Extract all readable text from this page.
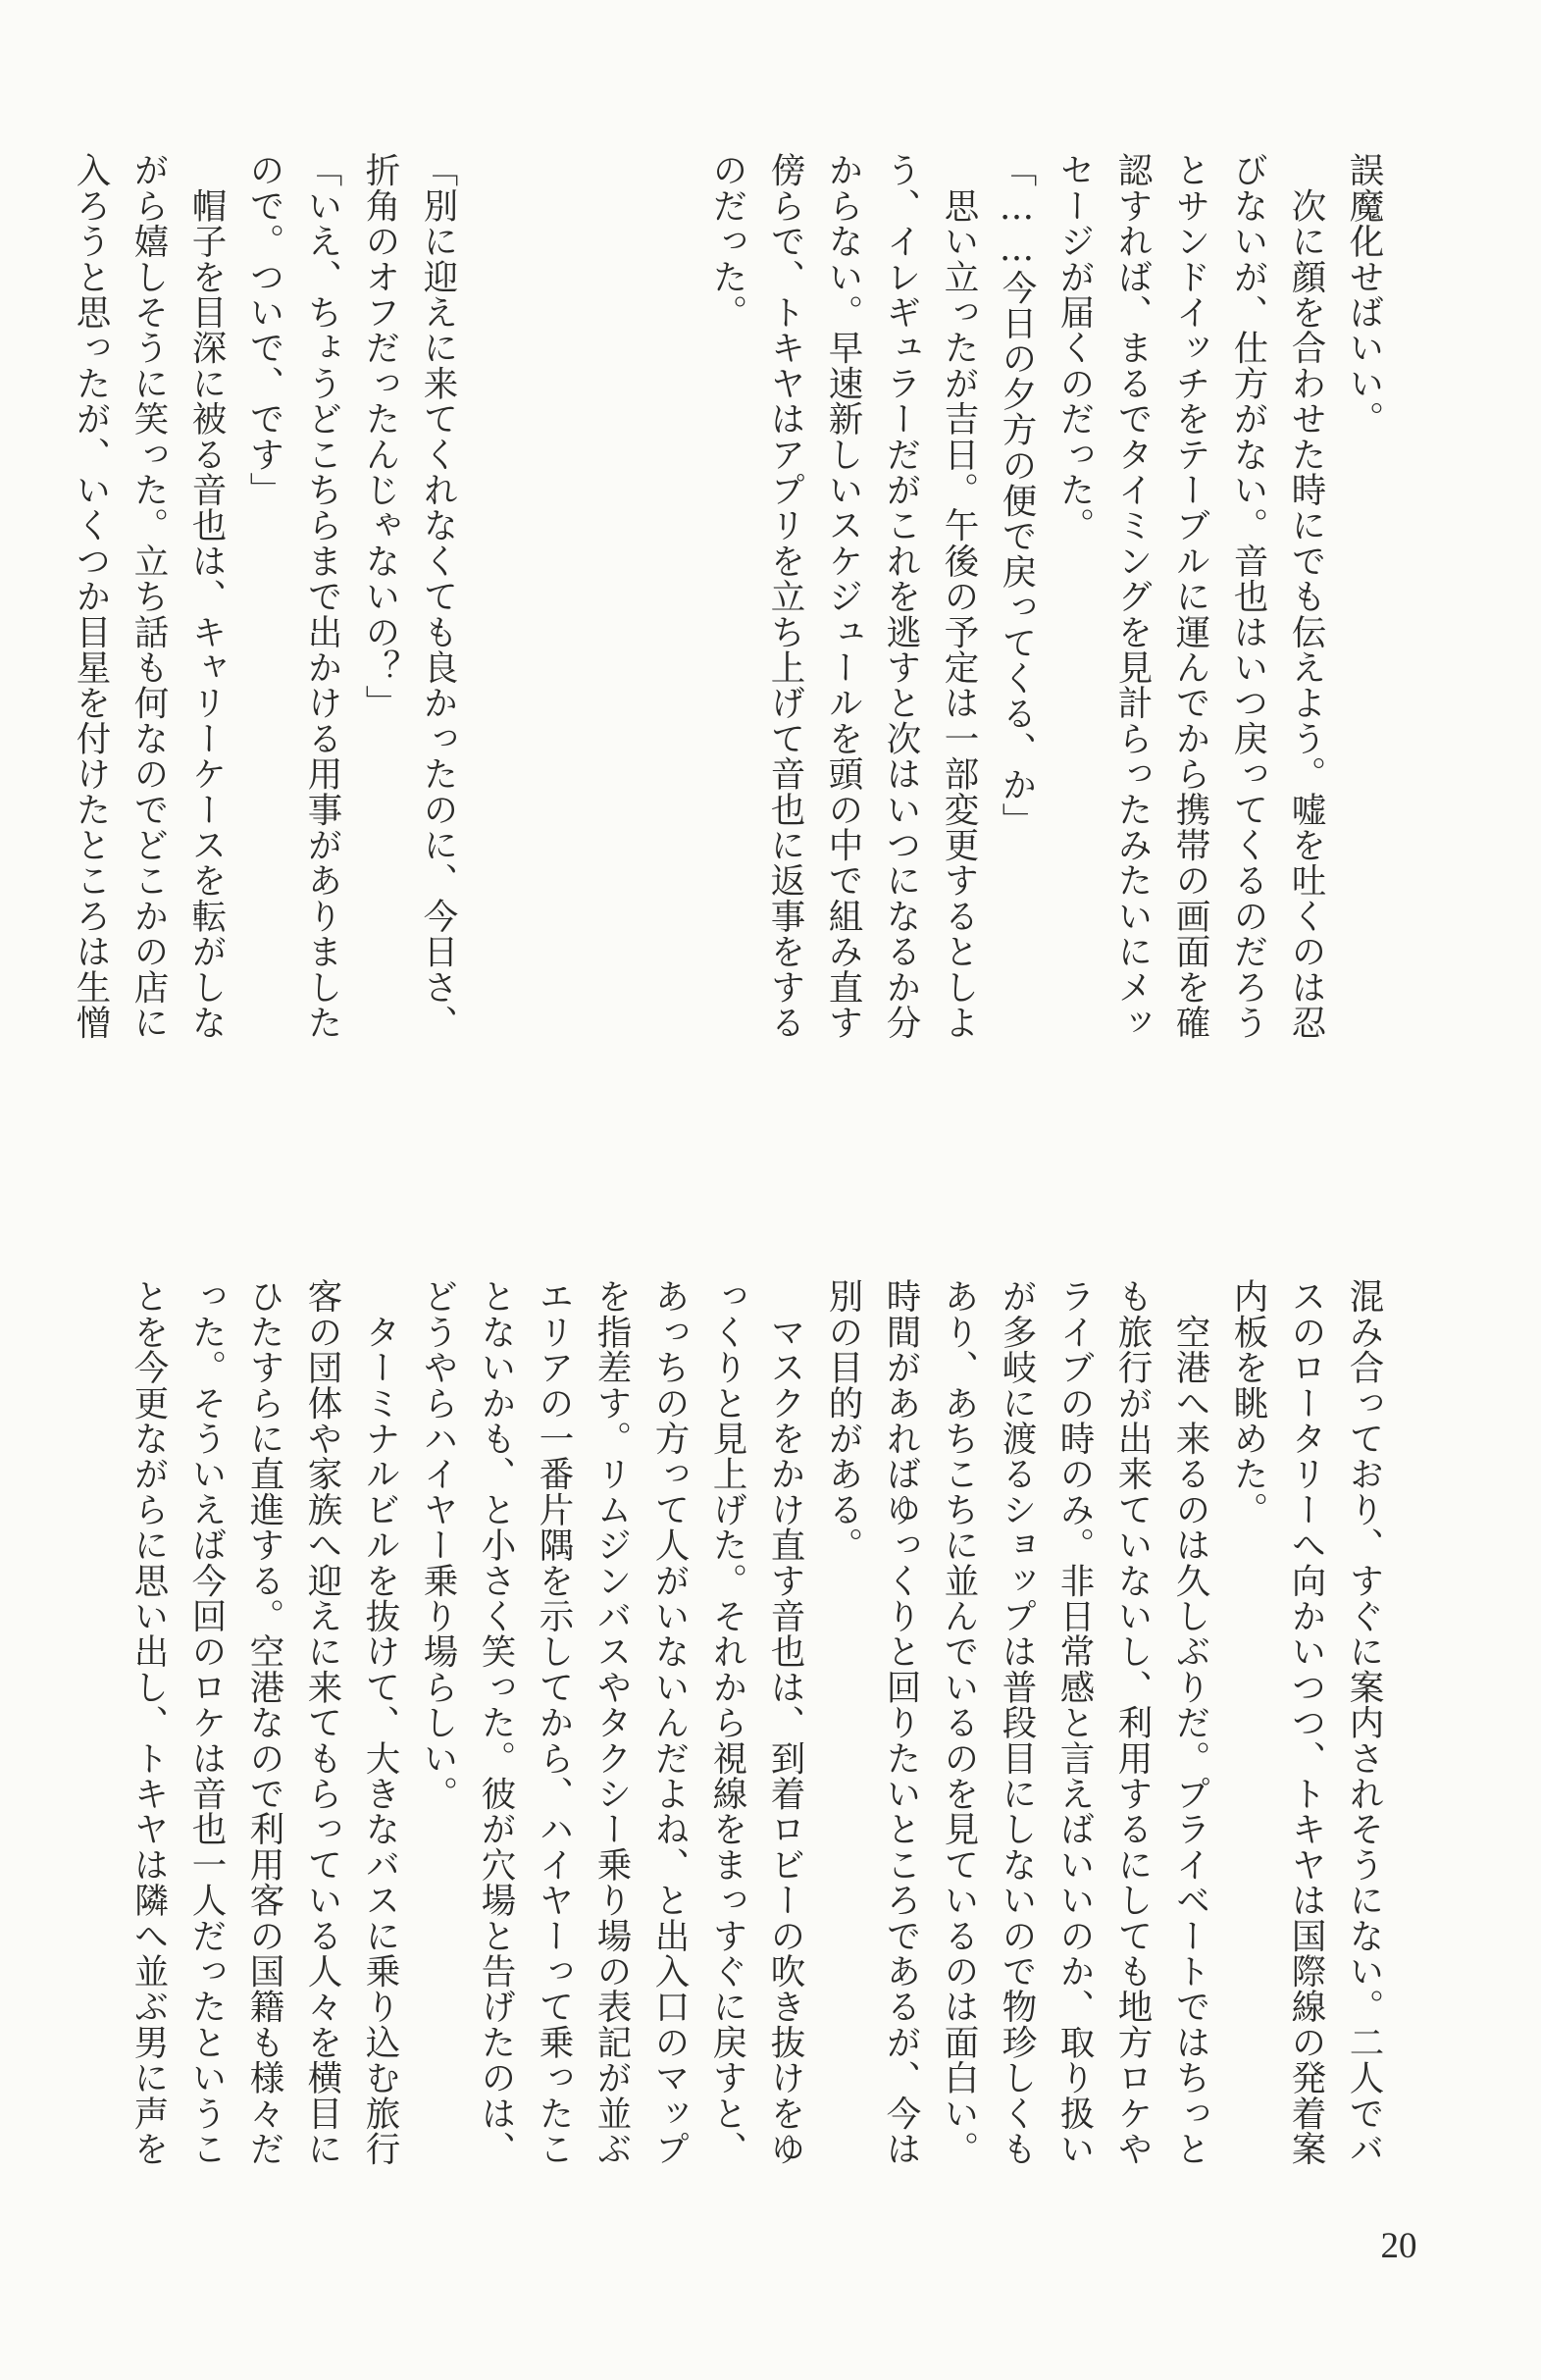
誤魔化せばいい。
　次に顔を合わせた時にでも伝えよう。嘘を吐くのは忍
びないが、仕方がない。音也はいつ戻ってくるのだろう
とサンドイッチをテーブルに運んでから携帯の画面を確
認すれば、まるでタイミングを見計らったみたいにメッ
セージが届くのだった。
「……今日の夕方の便で戻ってくる、か」
　思い立ったが吉日。午後の予定は一部変更するとしよ
う、イレギュラーだがこれを逃すと次はいつになるか分
からない。早速新しいスケジュールを頭の中で組み直す
傍らで、トキヤはアプリを立ち上げて音也に返事をする
のだった。

「別に迎えに来てくれなくても良かったのに、今日さ、
折角のオフだったんじゃないの？」
「いえ、ちょうどこちらまで出かける用事がありました
ので。ついで、です」
　帽子を目深に被る音也は、キャリーケースを転がしな
がら嬉しそうに笑った。立ち話も何なのでどこかの店に
入ろうと思ったが、いくつか目星を付けたところは生憎
混み合っており、すぐに案内されそうにない。二人でバ
スのロータリーへ向かいつつ、トキヤは国際線の発着案
内板を眺めた。
　空港へ来るのは久しぶりだ。プライベートではちっと
も旅行が出来ていないし、利用するにしても地方ロケや
ライブの時のみ。非日常感と言えばいいのか、取り扱い
が多岐に渡るショップは普段目にしないので物珍しくも
あり、あちこちに並んでいるのを見ているのは面白い。
時間があればゆっくりと回りたいところであるが、今は
別の目的がある。
　マスクをかけ直す音也は、到着ロビーの吹き抜けをゆ
っくりと見上げた。それから視線をまっすぐに戻すと、
あっちの方って人がいないんだよね、と出入口のマップ
を指差す。リムジンバスやタクシー乗り場の表記が並ぶ
エリアの一番片隅を示してから、ハイヤーって乗ったこ
とないかも、と小さく笑った。彼が穴場と告げたのは、
どうやらハイヤー乗り場らしい。
　ターミナルビルを抜けて、大きなバスに乗り込む旅行
客の団体や家族へ迎えに来てもらっている人々を横目に
ひたすらに直進する。空港なので利用客の国籍も様々だ
った。そういえば今回のロケは音也一人だったというこ
とを今更ながらに思い出し、トキヤは隣へ並ぶ男に声を
20
